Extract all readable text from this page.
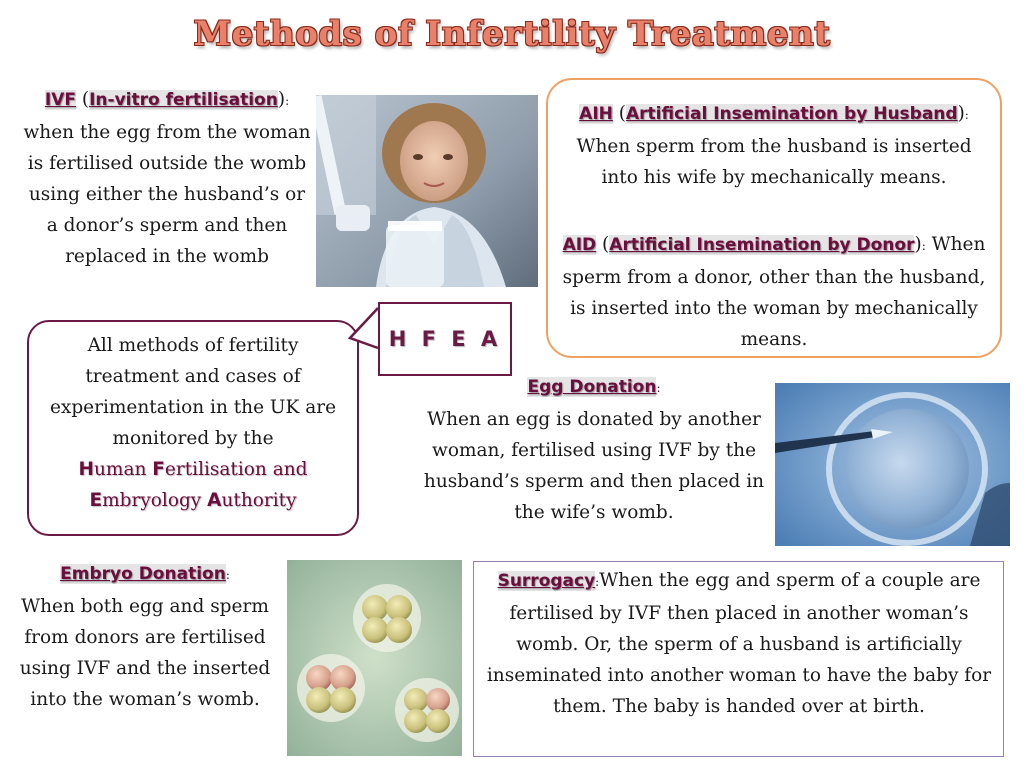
Methods of Infertility Treatment
IVF (In-vitro fertilisation): when the egg from the woman is fertilised outside the womb using either the husband’s or a donor’s sperm and then replaced in the womb
AIH (Artificial Insemination by Husband): When sperm from the husband is inserted into his wife by mechanically means.
AID (Artificial Insemination by Donor): When sperm from a donor, other than the husband, is inserted into the woman by mechanically means.
H F E A
All methods of fertility treatment and cases of experimentation in the UK are monitored by the
Human Fertilisation and
Embryology Authority
Egg Donation:
When an egg is donated by another woman, fertilised using IVF by the husband’s sperm and then placed in the wife’s womb.
Embryo Donation:
When both egg and sperm from donors are fertilised using IVF and the inserted into the woman’s womb.
Surrogacy:When the egg and sperm of a couple are fertilised by IVF then placed in another woman’s womb. Or, the sperm of a husband is artificially inseminated into another woman to have the baby for them. The baby is handed over at birth.
